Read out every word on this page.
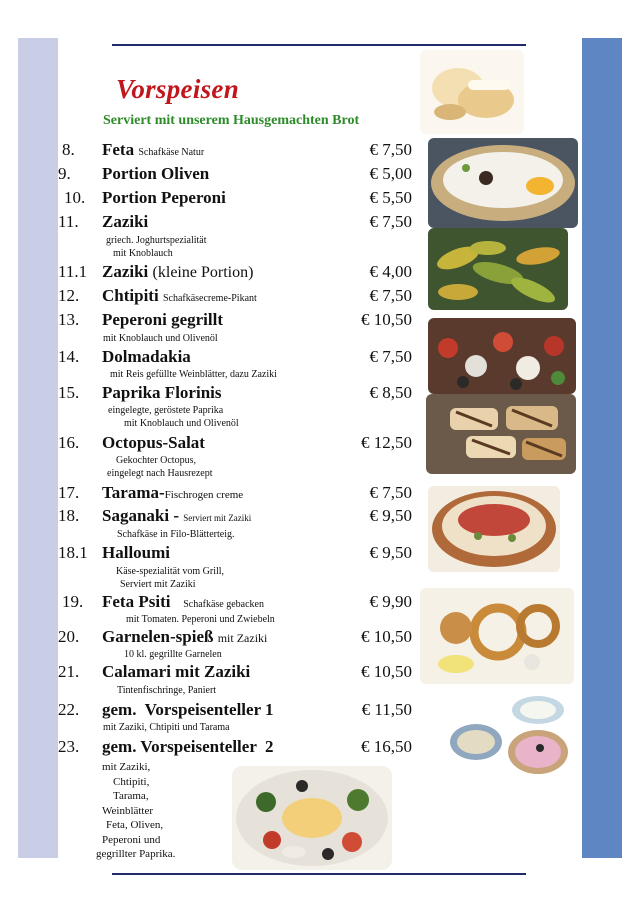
Vorspeisen
Serviert mit unserem Hausgemachten Brot
8. Feta Schafkäse Natur	€ 7,50
9. Portion Oliven	€ 5,00
10. Portion Peperoni	€ 5,50
11. Zaziki	€ 7,50
griech. Joghurtspezialität
mit Knoblauch
11.1 Zaziki (kleine Portion)	€ 4,00
12. Chtipiti Schafkäsecreme-Pikant	€ 7,50
13. Peperoni gegrillt	€ 10,50
mit Knoblauch und Olivenöl
14. Dolmadakia	€ 7,50
mit Reis gefüllte Weinblätter, dazu Zaziki
15. Paprika Florinis	€ 8,50
eingelegte, geröstete Paprika
mit Knoblauch und Olivenöl
16. Octopus-Salat	€ 12,50
Gekochter Octopus,
eingelegt nach Hausrezept
17. Tarama-Fischrogen creme	€ 7,50
18. Saganaki - Serviert mit Zaziki	€ 9,50
Schafkäse in Filo-Blätterteig.
18.1 Halloumi	€ 9,50
Käse-spezialität vom Grill,
Serviert mit Zaziki
19. Feta Psiti Schafkäse gebacken	€ 9,90
mit Tomaten. Peperoni und Zwiebeln
20. Garnelen-spieß mit Zaziki	€ 10,50
10 kl. gegrillte Garnelen
21. Calamari mit Zaziki	€ 10,50
Tintenfischringe, Paniert
22. gem.  Vorspeisenteller 1	€ 11,50
mit Zaziki, Chtipiti und Tarama
23. gem. Vorspeisenteller  2	€ 16,50
mit Zaziki,
Chtipiti,
Tarama,
Weinblätter
Feta, Oliven,
Peperoni und
gegrillter Paprika.
